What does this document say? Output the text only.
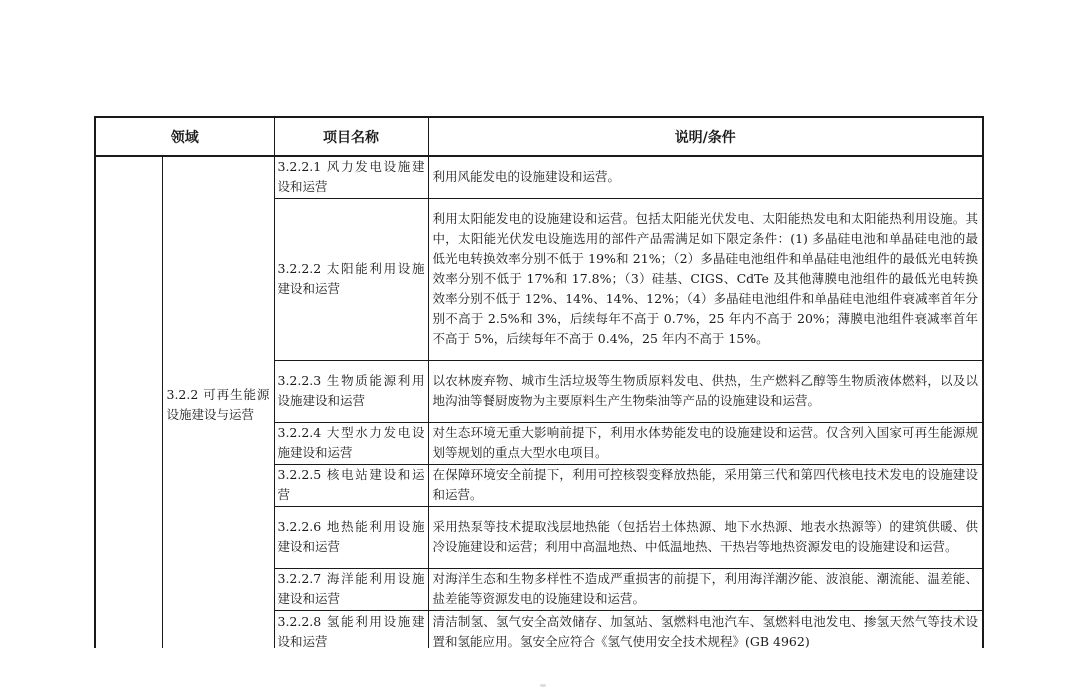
领域		项目名称	说明/条件
	3.2.2 可再生能源设施建设与运营	3.2.2.1 风力发电设施建设和运营	利用风能发电的设施建设和运营。
		3.2.2.2 太阳能利用设施建设和运营	利用太阳能发电的设施建设和运营。包括太阳能光伏发电、太阳能热发电和太阳能热利用设施。其中，太阳能光伏发电设施选用的部件产品需满足如下限定条件：(1) 多晶硅电池和单晶硅电池的最低光电转换效率分别不低于 19%和 21%；（2）多晶硅电池组件和单晶硅电池组件的最低光电转换效率分别不低于 17%和 17.8%；（3）硅基、CIGS、CdTe 及其他薄膜电池组件的最低光电转换效率分别不低于 12%、14%、14%、12%；（4）多晶硅电池组件和单晶硅电池组件衰减率首年分别不高于 2.5%和 3%，后续每年不高于 0.7%，25 年内不高于 20%；薄膜电池组件衰减率首年不高于 5%，后续每年不高于 0.4%，25 年内不高于 15%。
		3.2.2.3 生物质能源利用设施建设和运营	以农林废弃物、城市生活垃圾等生物质原料发电、供热，生产燃料乙醇等生物质液体燃料，以及以地沟油等餐厨废物为主要原料生产生物柴油等产品的设施建设和运营。
		3.2.2.4 大型水力发电设施建设和运营	对生态环境无重大影响前提下，利用水体势能发电的设施建设和运营。仅含列入国家可再生能源规划等规划的重点大型水电项目。
		3.2.2.5 核电站建设和运营	在保障环境安全前提下，利用可控核裂变释放热能，采用第三代和第四代核电技术发电的设施建设和运营。
		3.2.2.6 地热能利用设施建设和运营	采用热泵等技术提取浅层地热能（包括岩土体热源、地下水热源、地表水热源等）的建筑供暖、供冷设施建设和运营；利用中高温地热、中低温地热、干热岩等地热资源发电的设施建设和运营。
		3.2.2.7 海洋能利用设施建设和运营	对海洋生态和生物多样性不造成严重损害的前提下，利用海洋潮汐能、波浪能、潮流能、温差能、盐差能等资源发电的设施建设和运营。
		3.2.2.8 氢能利用设施建设和运营	清洁制氢、氢气安全高效储存、加氢站、氢燃料电池汽车、氢燃料电池发电、掺氢天然气等技术设置和氢能应用。氢安全应符合《氢气使用安全技术规程》(GB 4962)
